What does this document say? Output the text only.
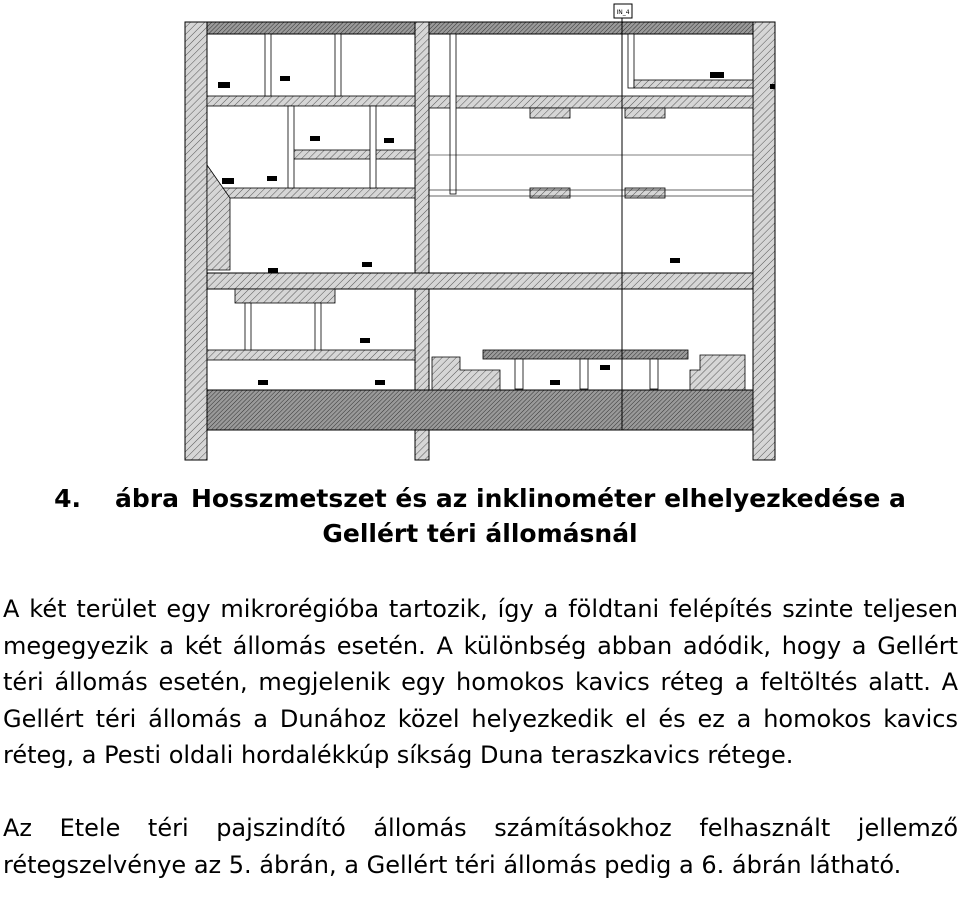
IN_4
4. ábra Hosszmetszet és az inklinométer elhelyezkedése a
Gellért téri állomásnál
A két terület egy mikrorégióba tartozik, így a földtani felépítés szinte teljesen megegyezik a két állomás esetén. A különbség abban adódik, hogy a Gellért téri állomás esetén, megjelenik egy homokos kavics réteg a feltöltés alatt. A Gellért téri állomás a Dunához közel helyezkedik el és ez a homokos kavics réteg, a Pesti oldali hordalékkúp síkság Duna teraszkavics rétege.
Az Etele téri pajszindító állomás számításokhoz felhasznált jellemző rétegszelvénye az 5. ábrán, a Gellért téri állomás pedig a 6. ábrán látható.
